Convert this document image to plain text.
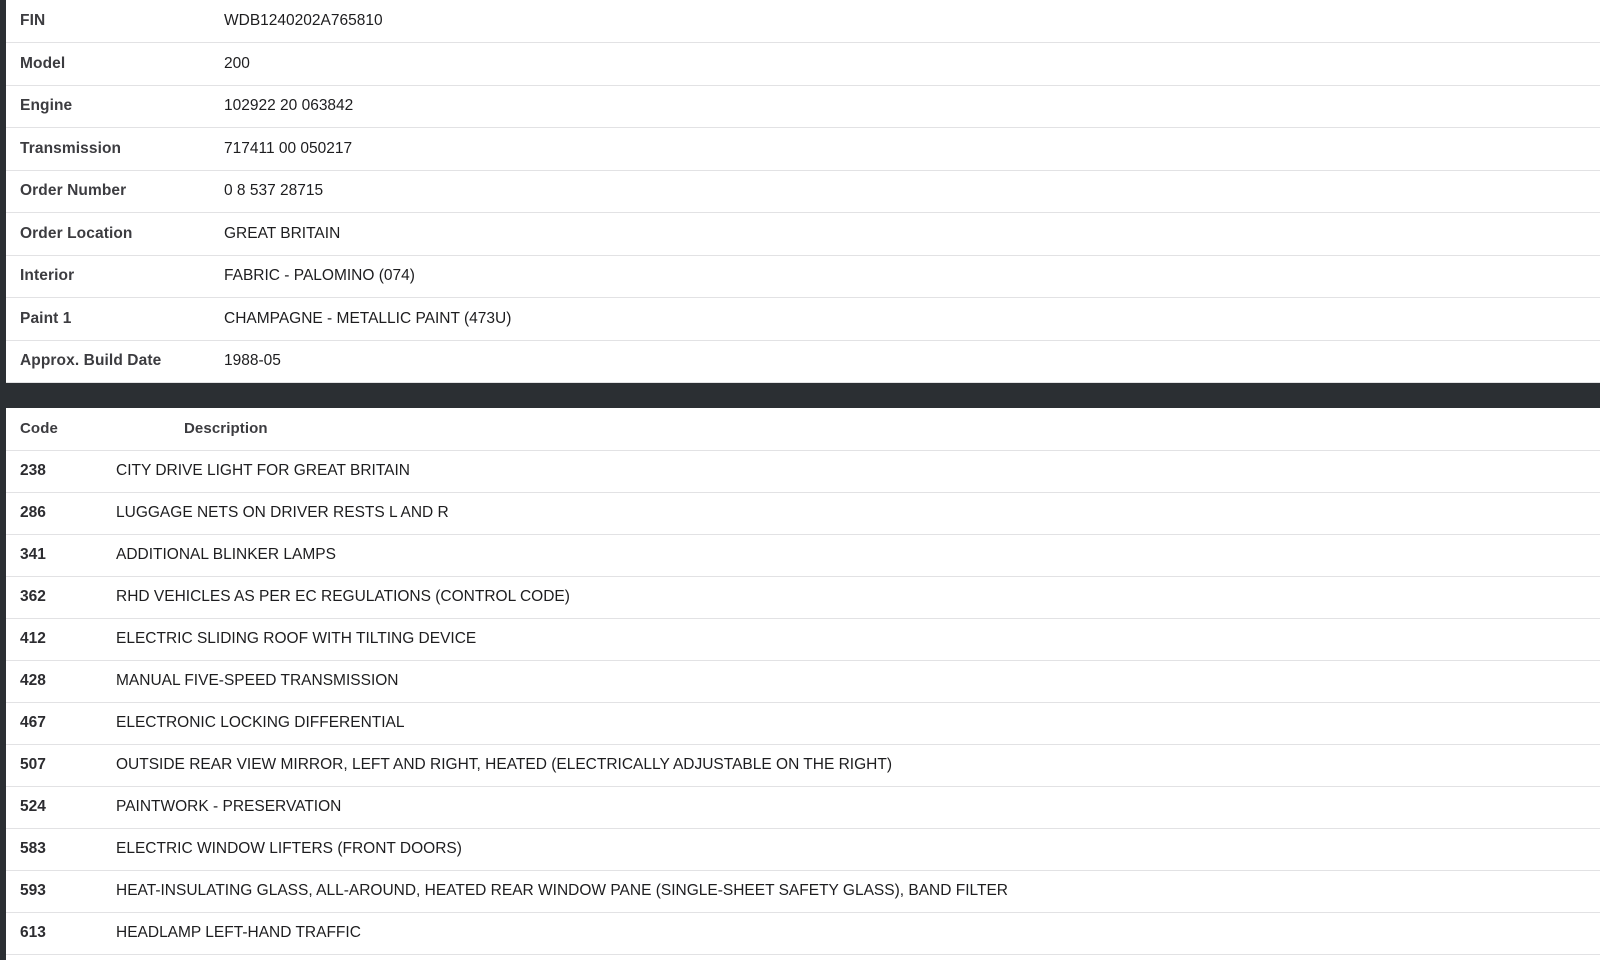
FIN	WDB1240202A765810
Model	200
Engine	102922 20 063842
Transmission	717411 00 050217
Order Number	0 8 537 28715
Order Location	GREAT BRITAIN
Interior	FABRIC - PALOMINO (074)
Paint 1	CHAMPAGNE - METALLIC PAINT (473U)
Approx. Build Date	1988-05
Code	Description
238	CITY DRIVE LIGHT FOR GREAT BRITAIN
286	LUGGAGE NETS ON DRIVER RESTS L AND R
341	ADDITIONAL BLINKER LAMPS
362	RHD VEHICLES AS PER EC REGULATIONS (CONTROL CODE)
412	ELECTRIC SLIDING ROOF WITH TILTING DEVICE
428	MANUAL FIVE-SPEED TRANSMISSION
467	ELECTRONIC LOCKING DIFFERENTIAL
507	OUTSIDE REAR VIEW MIRROR, LEFT AND RIGHT, HEATED (ELECTRICALLY ADJUSTABLE ON THE RIGHT)
524	PAINTWORK - PRESERVATION
583	ELECTRIC WINDOW LIFTERS (FRONT DOORS)
593	HEAT-INSULATING GLASS, ALL-AROUND, HEATED REAR WINDOW PANE (SINGLE-SHEET SAFETY GLASS), BAND FILTER
613	HEADLAMP LEFT-HAND TRAFFIC
